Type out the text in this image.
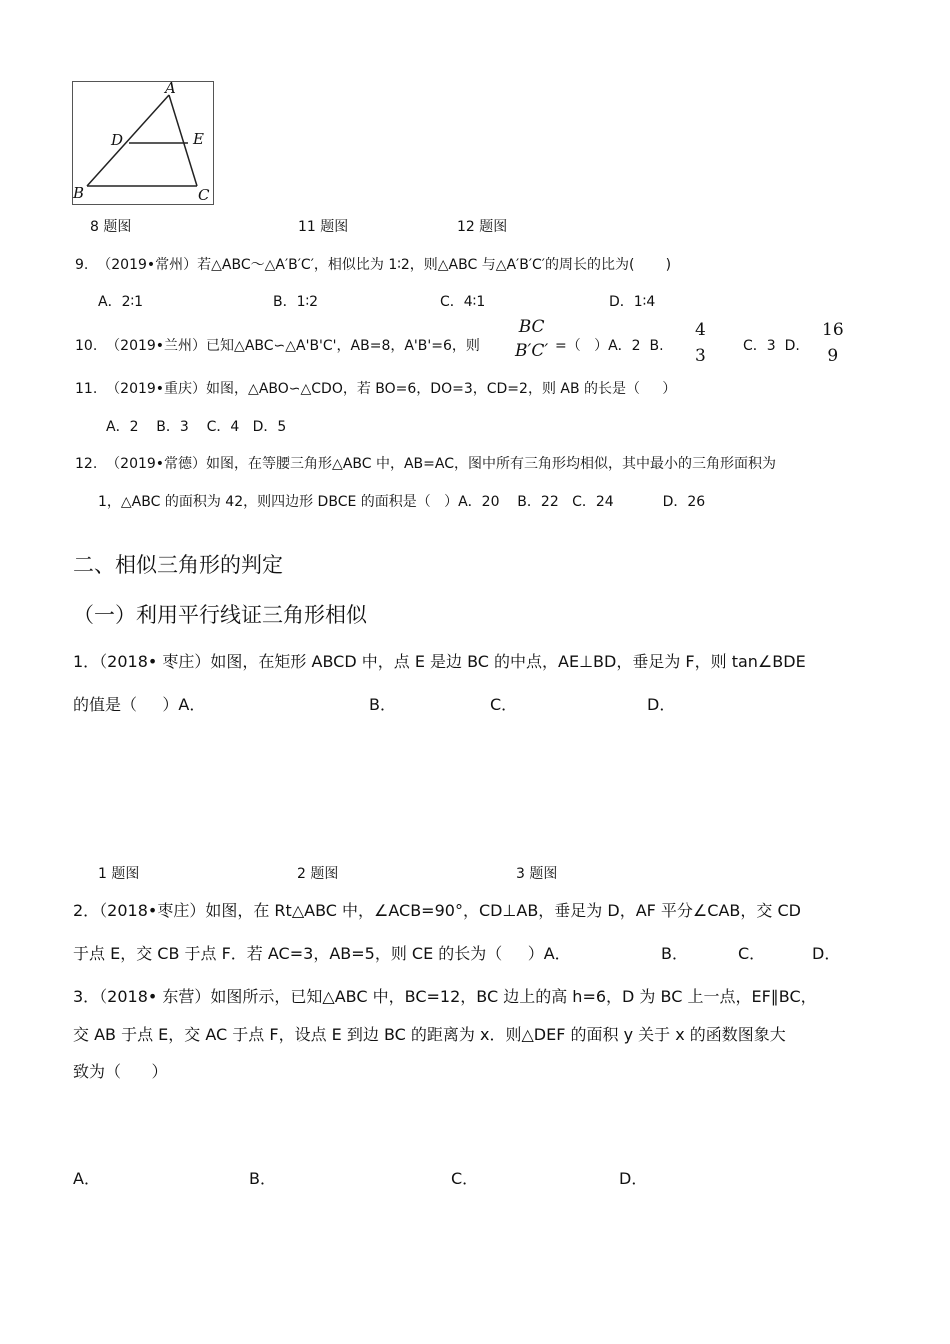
A
D	E
B	C
8 题图	11 题图	12 题图
9.  （2019•常州）若△ABC～△A′B′C′，相似比为 1∶2，则△ABC 与△A′B′C′的周长的比为(       )
A．2∶1	B．1∶2	C．4∶1	D．1∶4
10.  （2019•兰州）已知△ABC∽△A'B'C'，AB=8，A'B'=6，则
BC
B′C′ =（   ）A．2  B.
4
3	C．3  D.
16
9
11.  （2019•重庆）如图，△ABO∽△CDO，若 BO=6，DO=3，CD=2，则 AB 的长是（     ）
A．2    B．3    C．4   D．5
12.  （2019•常德）如图，在等腰三角形△ABC 中，AB=AC，图中所有三角形均相似，其中最小的三角形面积为
1，△ABC 的面积为 42，则四边形 DBCE 的面积是（   ）A．20    B．22   C．24           D．26
二、相似三角形的判定
（一）利用平行线证三角形相似
1．（2018• 枣庄）如图，在矩形 ABCD 中，点 E 是边 BC 的中点，AE⊥BD，垂足为 F，则 tan∠BDE
的值是（     ）A．	B．	C．	D．
1 题图	2 题图	3 题图
2．（2018•枣庄）如图，在 Rt△ABC 中，∠ACB=90°，CD⊥AB，垂足为 D，AF 平分∠CAB，交 CD
于点 E，交 CB 于点 F．若 AC=3，AB=5，则 CE 的长为（     ）A．	B．	C．	D．
3．（2018• 东营）如图所示，已知△ABC 中，BC=12，BC 边上的高 h=6，D 为 BC 上一点，EF∥BC，
交 AB 于点 E，交 AC 于点 F，设点 E 到边 BC 的距离为 x．则△DEF 的面积 y 关于 x 的函数图象大
致为（      ）
A．	B．	C．	D．
